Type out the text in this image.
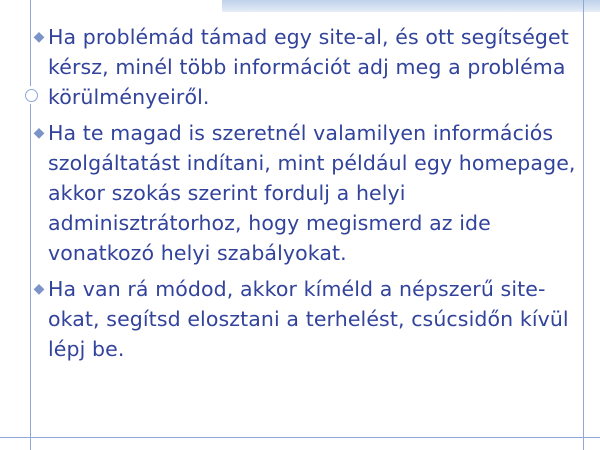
◆ Ha problémád támad egy site-al, és ott segítséget kérsz, minél több információt adj meg a probléma körülményeiről.
◆ Ha te magad is szeretnél valamilyen információs szolgáltatást indítani, mint például egy homepage, akkor szokás szerint fordulj a helyi adminisztrátorhoz, hogy megismerd az ide vonatkozó helyi szabályokat.
◆ Ha van rá módod, akkor kíméld a népszerű site-okat, segítsd elosztani a terhelést, csúcsidőn kívül lépj be.
